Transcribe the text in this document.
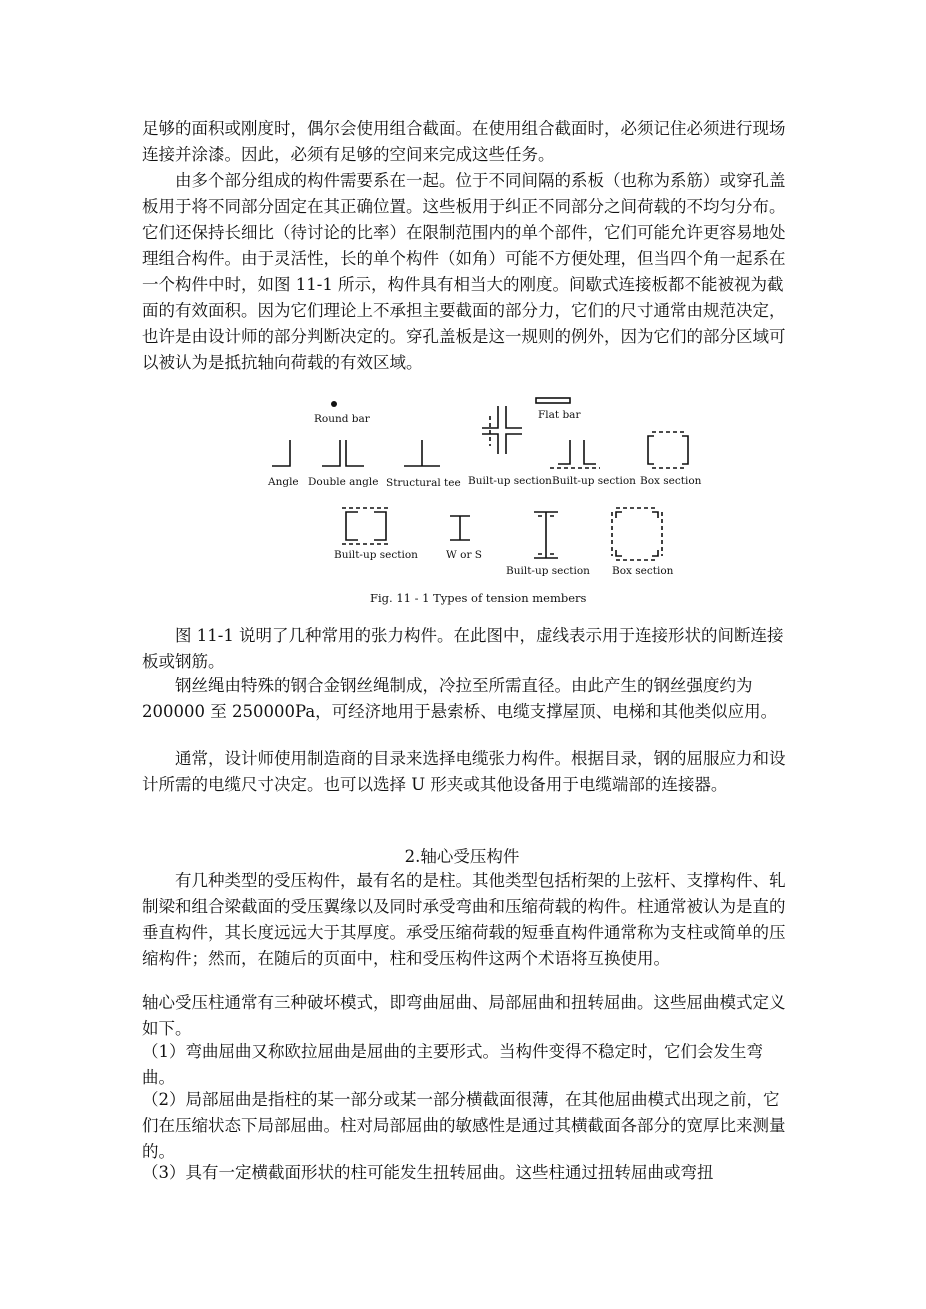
足够的面积或刚度时，偶尔会使用组合截面。在使用组合截面时，必须记住必须进行现场连接并涂漆。因此，必须有足够的空间来完成这些任务。

由多个部分组成的构件需要系在一起。位于不同间隔的系板（也称为系筋）或穿孔盖板用于将不同部分固定在其正确位置。这些板用于纠正不同部分之间荷载的不均匀分布。它们还保持长细比（待讨论的比率）在限制范围内的单个部件，它们可能允许更容易地处理组合构件。由于灵活性，长的单个构件（如角）可能不方便处理，但当四个角一起系在一个构件中时，如图 11-1 所示，构件具有相当大的刚度。间歇式连接板都不能被视为截面的有效面积。因为它们理论上不承担主要截面的部分力，它们的尺寸通常由规范决定，也许是由设计师的部分判断决定的。穿孔盖板是这一规则的例外，因为它们的部分区域可以被认为是抵抗轴向荷载的有效区域。

Round bar
Angle Double angle Structural tee Built-up section
Flat bar
Built-up section Box section
Built-up section	W or S
Built-up section Box section
Fig. 11 - 1 Types of tension members

图 11-1 说明了几种常用的张力构件。在此图中，虚线表示用于连接形状的间断连接板或钢筋。

钢丝绳由特殊的钢合金钢丝绳制成，冷拉至所需直径。由此产生的钢丝强度约为 200000 至 250000Pa，可经济地用于悬索桥、电缆支撑屋顶、电梯和其他类似应用。

通常，设计师使用制造商的目录来选择电缆张力构件。根据目录，钢的屈服应力和设计所需的电缆尺寸决定。也可以选择 U 形夹或其他设备用于电缆端部的连接器。

2.轴心受压构件

有几种类型的受压构件，最有名的是柱。其他类型包括桁架的上弦杆、支撑构件、轧制梁和组合梁截面的受压翼缘以及同时承受弯曲和压缩荷载的构件。柱通常被认为是直的垂直构件，其长度远远大于其厚度。承受压缩荷载的短垂直构件通常称为支柱或简单的压缩构件；然而，在随后的页面中，柱和受压构件这两个术语将互换使用。

轴心受压柱通常有三种破坏模式，即弯曲屈曲、局部屈曲和扭转屈曲。这些屈曲模式定义如下。

（1）弯曲屈曲又称欧拉屈曲是屈曲的主要形式。当构件变得不稳定时，它们会发生弯曲。

（2）局部屈曲是指柱的某一部分或某一部分横截面很薄，在其他屈曲模式出现之前，它们在压缩状态下局部屈曲。柱对局部屈曲的敏感性是通过其横截面各部分的宽厚比来测量的。

（3）具有一定横截面形状的柱可能发生扭转屈曲。这些柱通过扭转屈曲或弯扭
